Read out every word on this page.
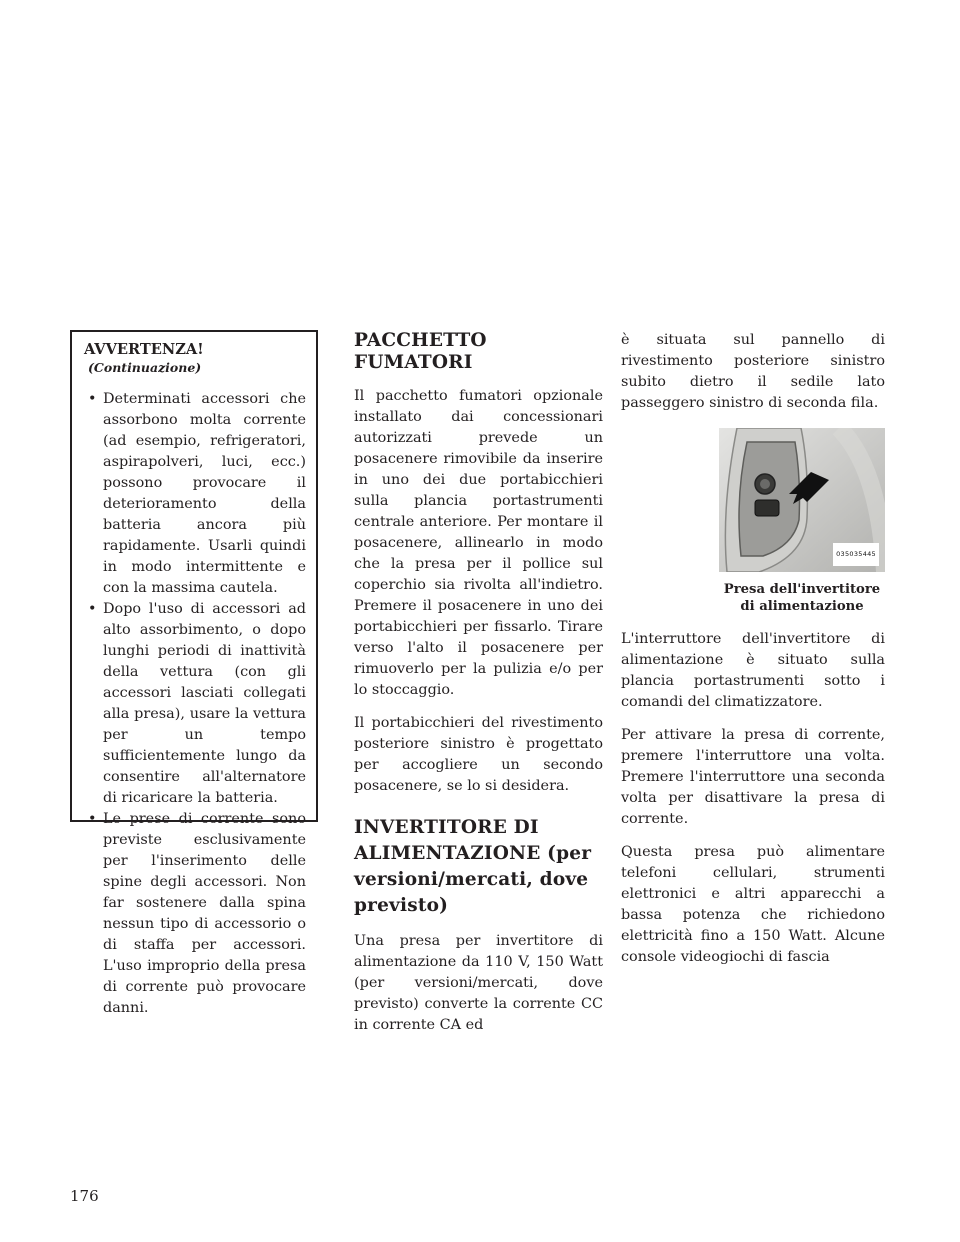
AVVERTENZA!(Continuazione)
• Determinati accessori che assorbono molta corrente (ad esempio, refrigeratori, aspirapolveri, luci, ecc.) possono provocare il deterioramento della batteria ancora più rapidamente. Usarli quindi in modo intermittente e con la massima cautela.
• Dopo l'uso di accessori ad alto assorbimento, o dopo lunghi periodi di inattività della vettura (con gli accessori lasciati collegati alla presa), usare la vettura per un tempo sufficientemente lungo da consentire all'alternatore di ricaricare la batteria.
• Le prese di corrente sono previste esclusivamente per l'inserimento delle spine degli accessori. Non far sostenere dalla spina nessun tipo di accessorio o di staffa per accessori. L'uso improprio della presa di corrente può provocare danni.
PACCHETTO FUMATORI

Il pacchetto fumatori opzionale installato dai concessionari autorizzati prevede un posacenere rimovibile da inserire in uno dei due portabicchieri sulla plancia portastrumenti centrale anteriore. Per montare il posacenere, allinearlo in modo che la presa per il pollice sul coperchio sia rivolta all'indietro. Premere il posacenere in uno dei portabicchieri per fissarlo. Tirare verso l'alto il posacenere per rimuoverlo per la pulizia e/o per lo stoccaggio.

Il portabicchieri del rivestimento posteriore sinistro è progettato per accogliere un secondo posacenere, se lo si desidera.

INVERTITORE DI ALIMENTAZIONE (per versioni/mercati, dove previsto)

Una presa per invertitore di alimentazione da 110 V, 150 Watt (per versioni/mercati, dove previsto) converte la corrente CC in corrente CA ed

è situata sul pannello di rivestimento posteriore sinistro subito dietro il sedile lato passeggero sinistro di seconda fila.

035035445
Presa dell'invertitore di alimentazione

L'interruttore dell'invertitore di alimentazione è situato sulla plancia portastrumenti sotto i comandi del climatizzatore.

Per attivare la presa di corrente, premere l'interruttore una volta. Premere l'interruttore una seconda volta per disattivare la presa di corrente.

Questa presa può alimentare telefoni cellulari, strumenti elettronici e altri apparecchi a bassa potenza che richiedono elettricità fino a 150 Watt. Alcune console videogiochi di fascia

176
